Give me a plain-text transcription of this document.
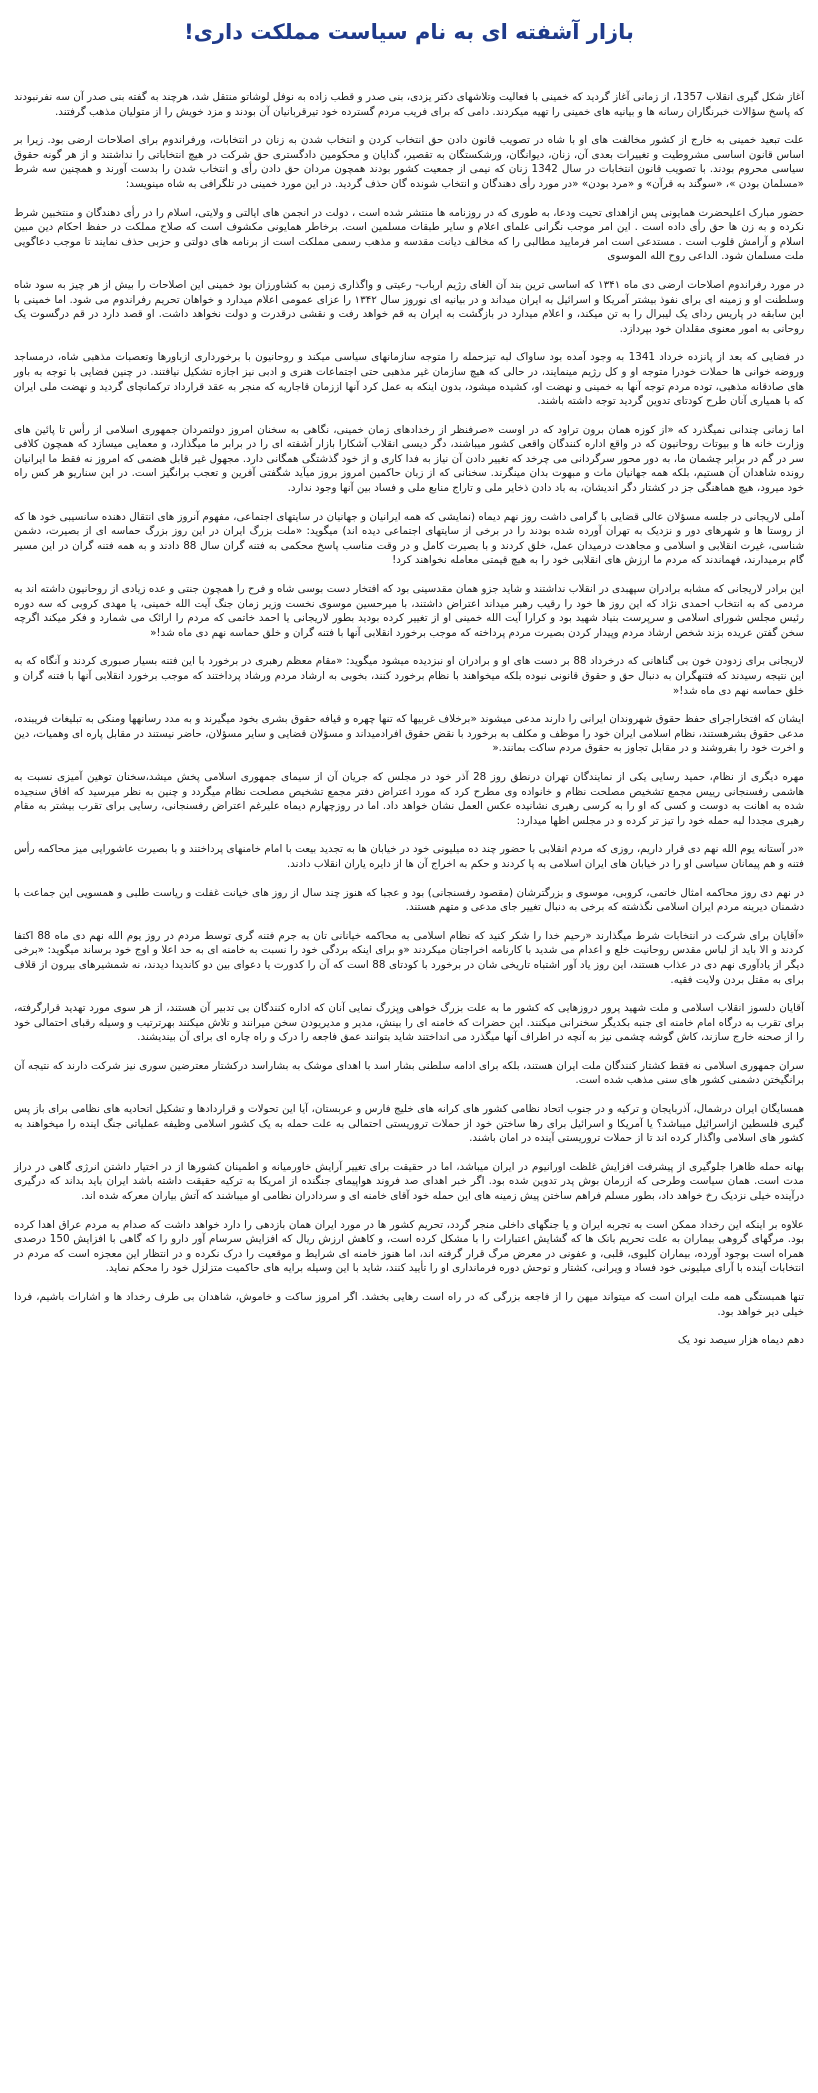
بازار آشفته ای به نام سیاست مملکت داری!

آغاز شکل گیری انقلاب 1357، از زمانی آغاز گردید که خمینی با فعالیت وتلاشهای دکتر یزدی، بنی صدر و قطب زاده به نوفل لوشاتو منتقل شد، هرچند به گفته بنی صدر آن سه نفرنبودند که پاسخ سؤالات خبرنگاران رسانه ها و بیانیه های خمینی را تهیه میکردند. دامی که برای فریب مردم گسترده خود تیرقربانیان آن بودند و مزد خویش را از متولیان مذهب گرفتند.

علت تبعید خمینی به خارج از کشور مخالفت های او با شاه در تصویب قانون دادن حق انتخاب کردن و انتخاب شدن به زنان در انتخابات، ورفراندوم برای اصلاحات ارضی بود. زیرا بر اساس قانون اساسی مشروطیت و تغییرات بعدی آن، زنان، دیوانگان، ورشکستگان به تقصیر، گدایان و محکومین دادگستری حق شرکت در هیچ انتخاباتی را نداشتند و از هر گونه حقوق سیاسی محروم بودند. با تصویب قانون انتخابات در سال 1342 زنان که نیمی از جمعیت کشور بودند همچون مردان حق دادن رأی و انتخاب شدن را بدست آورند و همچنین سه شرط «مسلمان بودن »، «سوگند به قرآن» و «مرد بودن» «در مورد رأی دهندگان و انتخاب شونده گان حذف گردید. در این مورد خمینی در تلگرافی به شاه مینویسد:

حضور مبارک اعلیحضرت همایونی پس ازاهدای تحیت ودعا، به طوری که در روزنامه ها منتشر شده است ، دولت در انجمن های ایالتی و ولایتی، اسلام را در رأی دهندگان و منتخبین شرط نکرده و به زن ها حق رأی داده است . این امر موجب نگرانی علمای اعلام و سایر طبقات مسلمین است. برخاطر همایونی مکشوف است که صلاح مملکت در حفظ احکام دین مبین اسلام و آرامش قلوب است . مستدعی است امر فرمایید مطالبی را که مخالف دیانت مقدسه و مذهب رسمی مملکت است از برنامه های دولتی و حزبی حذف نمایند تا موجب دعاگویی ملت مسلمان شود. الداعی روح الله الموسوی

در مورد رفراندوم اصلاحات ارضی دی ماه ۱۳۴۱ که اساسی ترین بند آن الغای رژیم ارباب- رعیتی و واگذاری زمین به کشاورزان بود خمینی این اصلاحات را بیش از هر چیز به سود شاه وسلطنت او و زمینه ای برای نفوذ بیشتر آمریکا و اسرائیل به ایران میداند و در بیانیه ای نوروز سال ۱۳۴۲ را عزای عمومی اعلام میدارد و خواهان تحریم رفراندوم می شود. اما خمینی با این سابقه در پاریس رداى یک لیبرال را به تن میکند، و اعلام میدارد در بازگشت به ایران به قم خواهد رفت و نقشی درقدرت و دولت نخواهد داشت. او قصد دارد در قم درگسوت یک روحانی به امور معنوی مقلدان خود بپردازد.

در فضایی که بعد از پانزده خرداد 1341 به وجود آمده بود ساواک لبه تیزحمله را متوجه سازمانهای سیاسی میکند و روحانیون با برخورداری ازباورها وتعصبات مذهبی شاه، درمساجد وروضه خوانی ها حملات خودرا متوجه او و کل رژیم مینمایند، در حالی که هیچ سازمان غیر مذهبی حتی اجتماعات هنری و ادبی نیز اجازه تشکیل نیافتند. در چنین فضایی با توجه به باور های صادقانه مذهبی، توده مردم توجه آنها به خمینی و نهضت او، کشیده میشود، بدون اینکه به عمل کرد آنها اززمان قاجاریه که منجر به عقد قرارداد ترکمانچای گردید و نهضت ملی ایران که با همیاری آنان طرح کودتای تدوین گردید توجه داشته باشند.

اما زمانی چندانی نمیگذرد که «از کوزه همان برون تراود که در اوست «صرفنظر از رخدادهای زمان خمینی، نگاهی به سخنان امروز دولتمردان جمهوری اسلامی از رأس تا پائین های وزارت خانه ها و بیوتات روحانیون که در واقع اداره کنندگان واقعی کشور میباشند، دگر دیسی انقلاب آشکارا بازار آشفته ای را در برابر ما میگذارد، و معمایی میسازد که همچون کلافی سر در گم در برابر چشمان ما، به دور محور سرگردانی می چرخد که تغییر دادن آن نیاز به فدا کاری و از خود گذشتگی همگانی دارد. مجهول غیر قابل هضمی که امروز نه فقط ما ایرانیان رونده شاهدان آن هستیم، بلکه همه جهانیان مات و مبهوت بدان مینگرند. سخنانی که از زبان حاکمین امروز بروز میآید شگفتی آفرین و تعجب برانگیز است. در این سناریو هر کس راه خود میرود، هیچ هماهنگی جز در کشتار دگر اندیشان، به باد دادن ذخایر ملی و تاراج منابع ملی و فساد بین آنها وجود ندارد.

آملی لاریجانی در جلسه مسؤلان عالی قضایی با گرامی داشت روز نهم دیماه (نمایشی که همه ایرانیان و جهانیان در سایتهای اجتماعی، مفهوم آنروز های انتقال دهنده سانسیبی خود ها که از روستا ها و شهرهای دور و نزدیک به تهران آورده شده بودند را در برخی از سایتهای اجتماعی دیده اند) میگوید: «ملت بزرگ ایران در این روز بزرگ حماسه ای از بصیرت، دشمن شناسی، غیرت انقلابی و اسلامی و مجاهدت درمیدان عمل، خلق کردند و با بصیرت کامل و در وقت مناسب پاسخ محکمی به فتنه گران سال 88 دادند و به همه فتنه گران در این مسیر گام برمیدارند، فهماندند که مردم ما ارزش های انقلابی خود را به هیچ قیمتی معامله نخواهند کرد!

این برادر لاریجانی که مشابه برادران سپهبدی در انقلاب نداشتند و شاید جزو همان مقدسینی بود که افتخار دست بوسی شاه و فرح را همچون جنتی و عده زیادی از روحانیون داشته اند به مردمی که به انتخاب احمدی نژاد که این روز ها خود را رقیب رهبر میداند اعتراض داشتند، با میرحسین موسوی نخست وزیر زمان جنگ آیت الله خمینی، یا مهدی کروبی که سه دوره رئیس مجلس شورای اسلامی و سرپرست بنیاد شهید بود و کرارا آیت الله خمینی او از تغییر کرده بودید بطور لاریجانی یا احمد خاتمی که مردم را ارائک می شمارد و فکر میکند اگرچه سخن گفتن عریده بزند شخص ارشاد مردم وپیدار کردن بصیرت مردم پرداخته که موجب برخورد انقلابی آنها با فتنه گران و خلق حماسه نهم دی ماه شد!«

لاریجانی برای زدودن خون بی گناهانی که درخرداد 88 بر دست های او و برادران او نبزدیده میشود میگوید: «مقام معظم رهبری در برخورد با این فتنه بسیار صبوری کردند و آنگاه که به این نتیجه رسیدند که فتنهگران به دنبال حق و حقوق قانونی نبوده بلکه میخواهند با نظام برخورد کنند، بخوبی به ارشاد مردم ورشاد پرداختند که موجب برخورد انقلابی آنها با فتنه گران و خلق حماسه نهم دی ماه شد!«

ایشان که افتخاراجرای حفظ حقوق شهروندان ایرانی را دارند مدعی میشوند «برخلاف غربیها که تنها چهره و قیافه حقوق بشری بخود میگیرند و به مدد رسانهها ومنکی به تبلیغات فریبنده، مدعی حقوق بشرهستند، نظام اسلامی ایران خود را موظف و مکلف به برخورد با نقض حقوق افرادمیداند و مسؤلان قضایی و سایر مسؤلان، حاضر نیستند در مقابل پاره ای وهمیات، دین و اخرت خود را بفروشند و در مقابل تجاوز به حقوق مردم ساکت بمانند.«

مهره دیگری از نظام، حمید رسایی یکی از نمایندگان تهران درنطق روز 28 آذر خود در مجلس که جریان آن از سیمای جمهوری اسلامی پخش میشد،سخنان توهین آمیزی نسبت به هاشمی رفسنجانی رییس مجمع تشخیص مصلحت نظام و خانواده وی مطرح کرد که مورد اعتراض دفتر مجمع تشخیص مصلحت نظام میگردد و چنین به نظر میرسید که افاق سنجیده شده به اهانت به دوست و کسی که او را به کرسی رهبری نشانیده عکس العمل نشان خواهد داد. اما در روزچهارم دیماه علیرغم اعتراض رفسنجانی، رسایی برای تقرب بیشتر به مقام رهبری مجددا لبه حمله خود را تیز تر کرده و در مجلس اظها میدارد:

«در آستانه یوم الله نهم دی قرار داریم، روزی که مردم انقلابی با حضور چند ده میلیونی خود در خیابان ها به تجدید بیعت با امام خامنهای پرداختند و با بصیرت عاشورایی میز محاکمه رأس فتنه و هم پیمانان سیاسی او را در خیابان های ایران اسلامی به پا کردند و حکم به اخراج آن ها از دایره یاران انقلاب دادند.

در نهم دی روز محاکمه امثال خاتمی، کروبی، موسوی و بزرگترشان (مقصود رفسنجانی) بود و عجبا که هنوز چند سال از روز های خیانت غفلت و ریاست طلبی و همسویی این جماعت با دشمنان دیرینه مردم ایران اسلامی نگذشته که برخی به دنبال تغییر جای مدعی و متهم هستند.

«آقایان برای شرکت در انتخابات شرط میگذارند «رحیم خدا را شکر کنید که نظام اسلامی به محاکمه خیانانی تان به جرم فتنه گری توسط مردم در روز یوم الله نهم دی ماه 88 اکتفا کردند و الا باید از لباس مقدس روحانیت خلع و اعدام می شدید با کارنامه اخراجتان میکردند «و برای اینکه بردگی خود را نسبت به خامنه ای به حد اعلا و اوج خود برساند میگوید: «برخی دیگر از یادآوری نهم دی در عذاب هستند، این روز یاد آور اشتباه تاریخی شان در برخورد با کودتای 88 است که آن را کدورت یا دعوای بین دو کاندیدا دیدند، نه شمشیرهای بیرون از قلاف برای به مقتل بردن ولایت فقیه.

آقایان دلسوز انقلاب اسلامی و ملت شهید پرور دروزهایی که کشور ما به علت بزرگ خواهی وپزرگ نمایی آنان که اداره کنندگان بی تدبیر آن هستند، از هر سوی مورد تهدید قرارگرفته، برای تقرب به درگاه امام خامنه ای جنبه بکدیگر سخنرانی میکنند. این حضرات که خامنه ای را بینش، مدیر و مدیریودن سخن میرانند و تلاش میکنند بهرترتیب و وسیله رقبای احتمالی خود را از صحنه خارج سازند، کاش گوشه چشمی نیز به آنچه در اطراف آنها میگذرد می انداختند شاید بتوانند عمق فاجعه را درک و راه چاره ای برای آن بیندیشند.

سران جمهوری اسلامی نه فقط کشتار کنندگان ملت ایران هستند، بلکه برای ادامه سلطنی بشار اسد با اهدای موشک به بشاراسد درکشتار معترضین سوری نیز شرکت دارند که نتیجه آن برانگیختن دشمنی کشور های سنی مذهب شده است.

همسایگان ایران درشمال، آذربایجان و ترکیه و در جنوب اتحاد نظامی کشور های کرانه های خلیج فارس و عربستان، آیا این تحولات و قراردادها و تشکیل اتحادیه های نظامی برای باز پس گیری فلسطین ازاسرائیل میباشد؟ یا آمریکا و اسرائیل برای رها ساختن خود از حملات تروریستی احتمالی به علت حمله به یک کشور اسلامی وظیفه عملیاتی جنگ اینده را میخواهند به کشور های اسلامی واگذار کرده اند تا از حملات تروریستی آینده در امان باشند.

بهانه حمله ظاهرا جلوگیری از پیشرفت افزایش غلظت اورانیوم در ایران میباشد، اما در حقیقت برای تغییر آرایش خاورمیانه و اطمینان کشورها از در اختیار داشتن انرژی گاهی در دراز مدت است. همان سیاست وطرحی که ازرمان بوش پدر تدوین شده بود. اگر خبر اهدای صد فروند هواپیمای جنگنده از امریکا به ترکیه حقیقت داشته باشد ایران باید بداند که درگیری درآینده خیلی نزدیک رخ خواهد داد، بطور مسلم فراهم ساختن پیش زمینه های این حمله خود آقای خامنه ای و سردادران نظامی او میباشند که آتش بیاران معرکه شده اند.

علاوه بر اینکه این رخداد ممکن است به تجربه ایران و یا جنگهای داخلی منجر گردد، تحریم کشور ها در مورد ایران همان بازدهی را دارد خواهد داشت که صدام به مردم عراق اهدا کرده بود. مرگهای گروهی بیماران به علت تحریم بانک ها که گشایش اعتبارات را با مشکل کرده است، و کاهش ارزش ریال که افزایش سرسام آور دارو را که گاهی با افزایش 150 درصدی همراه است بوجود آورده، بیماران کلیوی، قلبی، و عفونی در معرض مرگ قرار گرفته اند، اما هنوز خامنه ای شرایط و موقعیت را درک نکرده و در انتظار این معجزه است که مردم در انتخابات آینده با آرای میلیونی خود فساد و ویرانی، کشتار و توحش دوره فرمانداری او را تأیید کنند، شاید با این وسیله برایه های حاکمیت متزلزل خود را محکم نماید.

تنها همبستگی همه ملت ایران است که میتواند میهن را از فاجعه بزرگی که در راه است رهایی بخشد. اگر امروز ساکت و خاموش، شاهدان بی طرف رخداد ها و اشارات باشیم، فردا خیلی دیر خواهد بود.

دهم دیماه هزار سیصد نود یک
